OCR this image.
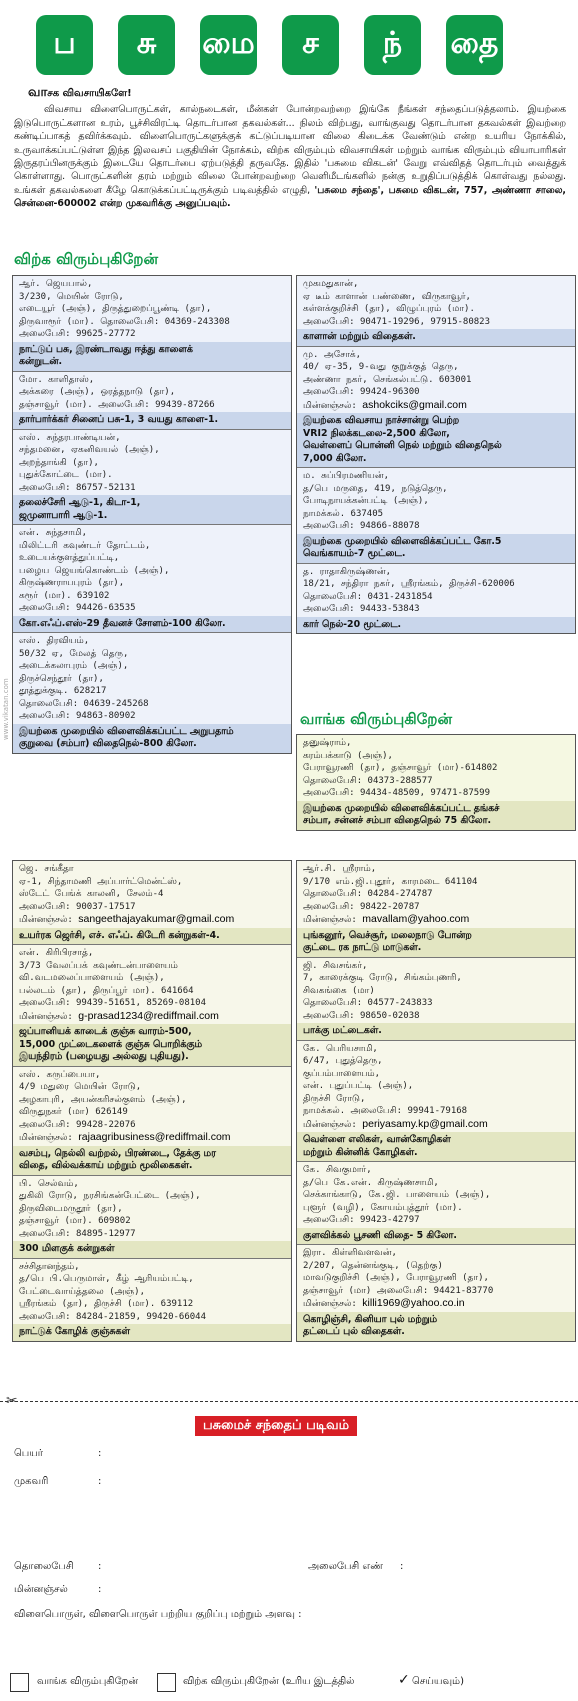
ப	சு	மை	ச	ந்	தை
வாசக விவசாயிகளே!

விவசாய விளைபொருட்கள், கால்நடைகள், மீன்கள் போன்றவற்றை இங்கே நீங்கள் சந்தைப்படுத்தலாம். இயற்கை இடுபொருட்களான உரம், பூச்சிவிரட்டி தொடர்பான தகவல்கள்... நிலம் விற்பது, வாங்குவது தொடர்பான தகவல்கள் இவற்றை கண்டிப்பாகத் தவிர்க்கவும். விளைபொருட்களுக்குக் கட்டுப்படியான விலை கிடைக்க வேண்டும் என்ற உயரிய நோக்கில், உருவாக்கப்பட்டுள்ள இந்த இலவசப் பகுதியின் நோக்கம், விற்க விரும்பும் விவசாயிகள் மற்றும் வாங்க விரும்பும் வியாபாரிகள் இருதரப்பினருக்கும் இடையே தொடர்பை ஏற்படுத்தி தருவதே. இதில் 'பசுமை விகடன்' வேறு எவ்விதத் தொடர்பும் வைத்துக் கொள்ளாது. பொருட்களின் தரம் மற்றும் விலை போன்றவற்றை வெளிமீடங்களில் நன்கு உறுதிப்படுத்திக் கொள்வது நல்லது. உங்கள் தகவல்களை கீழே கொடுக்கப்பட்டிருக்கும் படிவத்தில் எழுதி, 'பசுமை சந்தை', பசுமை விகடன், 757, அண்ணா சாலை, சென்னை-600002 என்ற முகவரிக்கு அனுப்பவும்.

விற்க விரும்புகிறேன்
ஆர். ஜெயபால்,
3/230, மெயின் ரோடு,
எடையூர் (அஞ்), திருத்துறைப்பூண்டி (தா),
திருவாரூர் (மா). தொலைபேசி: 04369-243308
அலைபேசி: 99625-27772
நாட்டுப் பசு, இரண்டாவது ஈத்து காளைக்
கன்றுடன்.
மோ. காளிதாஸ்,
அக்கரை (அஞ்), ஒரத்தநாடு (தா),
தஞ்சாவூர் (மா). அலைபேசி: 99439-87266
தார்பார்க்கர் சினைப் பசு-1, 3 வயது காளை-1.
எஸ். சுந்தரபாண்டியன்,
சந்தமனை, ஏகனிவயல் (அஞ்),
அறந்தாங்கி (தா),
புதுக்கோட்டை (மா).
அலைபேசி: 86757-52131
தலைச்சேரி ஆடு-1, கிடா-1,
ஜமுனாபாரி ஆடு-1.
என். சுந்தசாமி,
மிலிட்டரி கவுண்டர் தோட்டம்,
உடையக்குளத்துப்பட்டி,
பழைய ஜெயங்கொண்டம் (அஞ்),
கிருஷ்ணராயபுரம் (தா),
கரூர் (மா). 639102
அலைபேசி: 94426-63535
கோ.எஃப்.எஸ்-29 தீவனச் சோளம்-100 கிலோ.
எஸ். திரவியம்,
50/32 ஏ, மேலத் தெரு,
அடைக்கலாபுரம் (அஞ்),
திருச்செந்தூர் (தா),
தூத்துக்குடி. 628217
தொலைபேசி: 04639-245268
அலைபேசி: 94863-80902
இயற்கை முறையில் விளைவிக்கப்பட்ட அறுபதாம்
குறுவை (சம்பா) விதைநெல்-800 கிலோ.
முகமதுகான்,
ஏ டீம் காளான் பண்ணை, விருகாவூர்,
கள்ளக்குறிச்சி (தா), விழுப்புரம் (மா).
அலைபேசி: 90471-19296, 97915-80823
காளான் மற்றும் விதைகள்.
மு. அசோக்,
40/ ஏ-35, 9-வது குறுக்குத் தெரு,
அண்ணா நகர், செங்கல்பட்டு. 603001
அலைபேசி: 99424-96300
மின்னஞ்சல்: ashokciks@gmail.com
இயற்கை விவசாய நாச்சான்று பெற்ற
VRI2 நிலக்கடலை-2,500 கிலோ,
வெள்ளைப் பொன்னி நெல் மற்றும் விதைநெல்
7,000 கிலோ.
ம. சுப்பிரமணியன்,
த/பெ மருதை, 419, நடுத்தெரு,
போடிநாயக்கன்பட்டி (அஞ்),
நாமக்கல். 637405
அலைபேசி: 94866-88078
இயற்கை முறையில் விளைவிக்கப்பட்ட கோ.5
வெங்காயம்-7 மூட்டை.
த. ராதாகிருஷ்ணன்,
18/21, சந்திரா நகர், ஸ்ரீரங்கம், திருச்சி-620006
தொலைபேசி: 0431-2431854
அலைபேசி: 94433-53843
கார் நெல்-20 மூட்டை.
வாங்க விரும்புகிறேன்
தனுஷ்ராம்,
கரம்பக்காடு (அஞ்),
பேராவூரணி (தா), தஞ்சாவூர் (மா)-614802
தொலைபேசி: 04373-288577
அலைபேசி: 94434-48509, 97471-87599
இயற்கை முறையில் விளைவிக்கப்பட்ட தங்கச்
சம்பா, சன்னச் சம்பா விதைநெல் 75 கிலோ.
ஜெ. சங்கீதா
ஏ-1, சிந்தாமணி அப்பார்ட்மென்ட்ஸ்,
ஸ்டேட் பேங்க் காலனி, சேலம்-4
அலைபேசி: 90037-17517
மின்னஞ்சல்: sangeethajayakumar@gmail.com
உயர்ரக ஜெர்சி, எச். எஃப். கிடேரி கன்றுகள்-4.
என். கிரிபிரசாத்,
3/73 வேலப்பக் கவுண்டன்பாளையம்
வி.வடமலைப்பாளையம் (அஞ்),
பல்லடம் (தா), திருப்பூர் மா). 641664
அலைபேசி: 99439-51651, 85269-08104
மின்னஞ்சல்: g-prasad1234@rediffmail.com
ஜப்பானியக் காடைக் குஞ்சு வாரம்-500,
15,000 முட்டைகளைக் குஞ்சு பொறிக்கும்
இயந்திரம் (பழையது அல்லது புதியது).
எஸ். கருப்பையா,
4/9 மதுரை மெயின் ரோடு,
அழகாபுரி, அயன்கரிசல்குளம் (அஞ்),
விருதுநகர் (மா) 626149
அலைபேசி: 99428-22076
மின்னஞ்சல்: rajaagribusiness@rediffmail.com
வசம்பு, நெல்லி வற்றல், பிரண்டை, தேக்கு மர
விதை, வில்வக்காய் மற்றும் மூலிகைகள்.
பி. செல்வம்,
துகிலி ரோடு, நரசிங்கன்பேட்டை (அஞ்),
திருவிடைமருதூர் (தா),
தஞ்சாவூர் (மா). 609802
அலைபேசி: 84895-12977
300 மிளகுக் கன்றுகள்
சச்சிதானந்தம்,
த/பெ பி.பெருமாள், கீழ் ஆரியம்பட்டி,
பேட்டைவாய்த்தலை (அஞ்),
ஸ்ரீரங்கம் (தா), திருச்சி (மா). 639112
அலைபேசி: 84284-21859, 99420-66044
நாட்டுக் கோழிக் குஞ்சுகள்
ஆர்.சி. ஸ்ரீராம்,
9/170 எம்.ஜி.புதூர், காரமடை 641104
தொலைபேசி: 04284-274787
அலைபேசி: 98422-20787
மின்னஞ்சல்: mavallam@yahoo.com
புங்கனூர், வெச்சூர், மலைநாடு போன்ற
குட்டை ரக நாட்டு மாடுகள்.
ஜி. சிவசங்கர்,
7, காரைக்குடி ரோடு, சிங்கம்புணரி,
சிவகங்கை (மா)
தொலைபேசி: 04577-243833
அலைபேசி: 98650-02038
பாக்கு மட்டைகள்.
கே. பெரியசாமி,
6/47, புதுத்தெரு,
குப்பம்பாளையம்,
என். புதுப்பட்டி (அஞ்),
திருச்சி ரோடு,
நாமக்கல். அலைபேசி: 99941-79168
மின்னஞ்சல்: periyasamy.kp@gmail.com
வெள்ளை எலிகள், வான்கோழிகள்
மற்றும் கின்னிக் கோழிகள்.
கே. சிவகுமார்,
த/பெ கே.என். கிருஷ்ணசாமி,
செக்காங்காடு, கே.ஜி. பாளையம் (அஞ்),
புளூர் (வழி), கோயம்புத்தூர் (மா).
அலைபேசி: 99423-42797
குளவிக்கல் பூசணி விதை- 5 கிலோ.
இரா. கிள்ளிவளவன்,
2/207, தென்னங்குடி, (தெற்கு)
மாவடுகுறிச்சி (அஞ்), பேராவூரணி (தா),
தஞ்சாவூர் (மா) அலைபேசி: 94421-83770
மின்னஞ்சல்: killi1969@yahoo.co.in
கொழிஞ்சி, கினியா புல் மற்றும்
தட்டைப் புல் விதைகள்.
www.vikatan.com
✂
பசுமைச் சந்தைப் படிவம்
பெயர்	:
முகவரி	:
தொலைபேசி :	அலைபேசி எண் :
மின்னஞ்சல்	:
விளைபொருள், விளைபொருள் பற்றிய குறிப்பு மற்றும் அளவு :
வாங்க விரும்புகிறேன்	விற்க விரும்புகிறேன் (உரிய இடத்தில்	✓ செய்யவும்)
